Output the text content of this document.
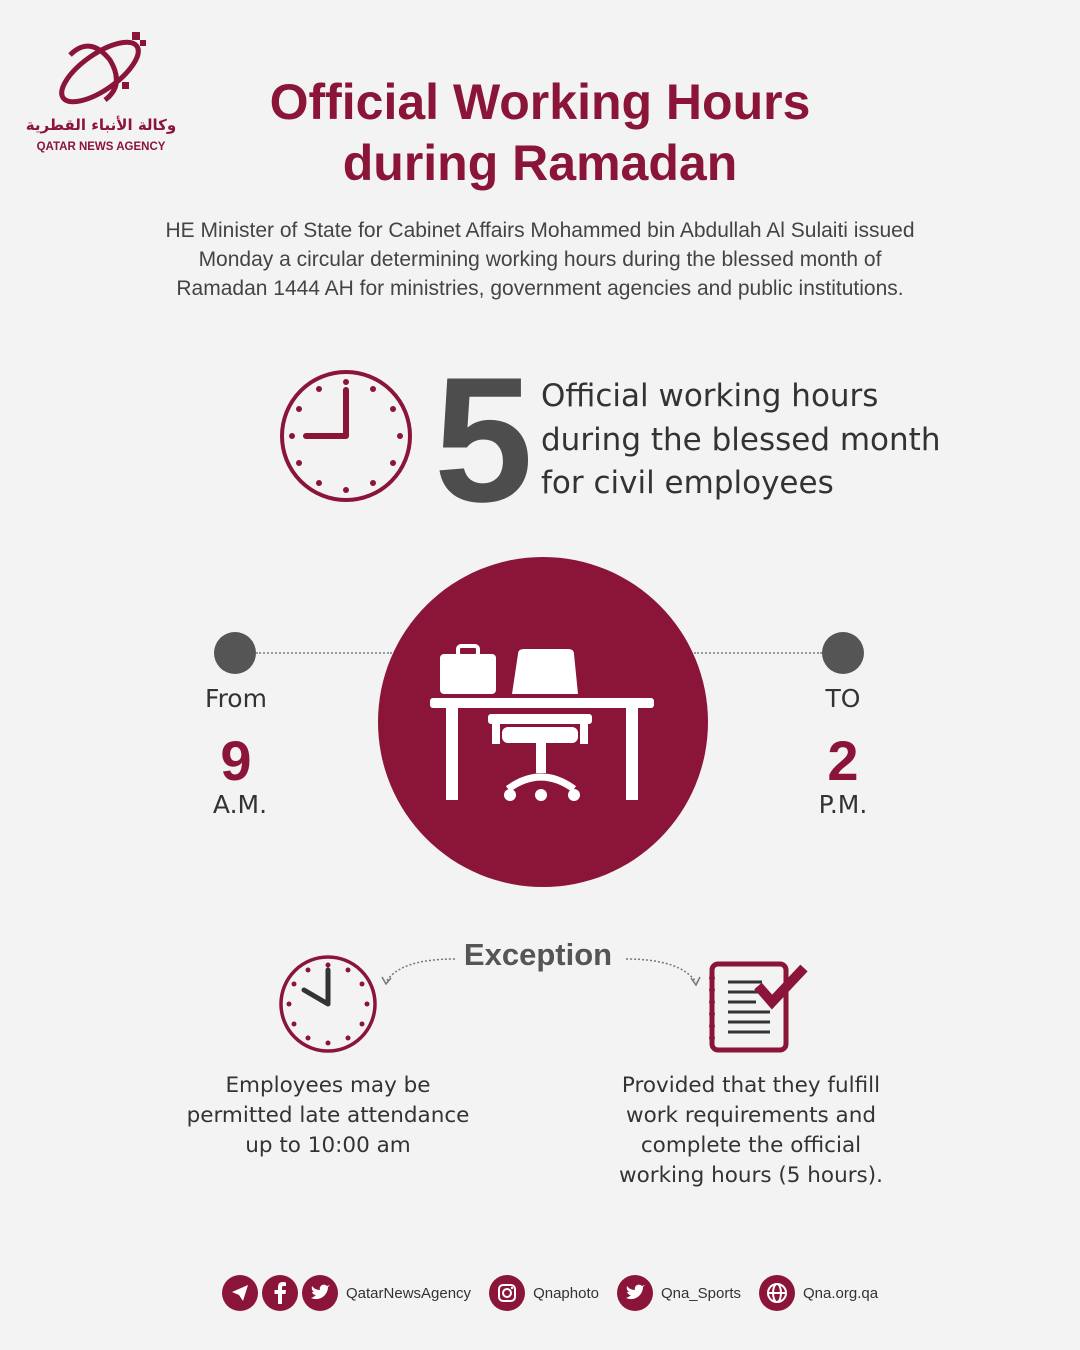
وكالة الأنباء القطرية
QATAR NEWS AGENCY
Official Working Hours
during Ramadan
HE Minister of State for Cabinet Affairs Mohammed bin Abdullah Al Sulaiti issued
Monday a circular determining working hours during the blessed month of
Ramadan 1444 AH for ministries, government agencies and public institutions.
5 Official working hours
during the blessed month
for civil employees
From
9
A.M.
TO
2
P.M.
Exception
Employees may be
permitted late attendance
up to 10:00 am
Provided that they fulfill
work requirements and
complete the official
working hours (5 hours).
QatarNewsAgency	Qnaphoto	Qna_Sports	Qna.org.qa
